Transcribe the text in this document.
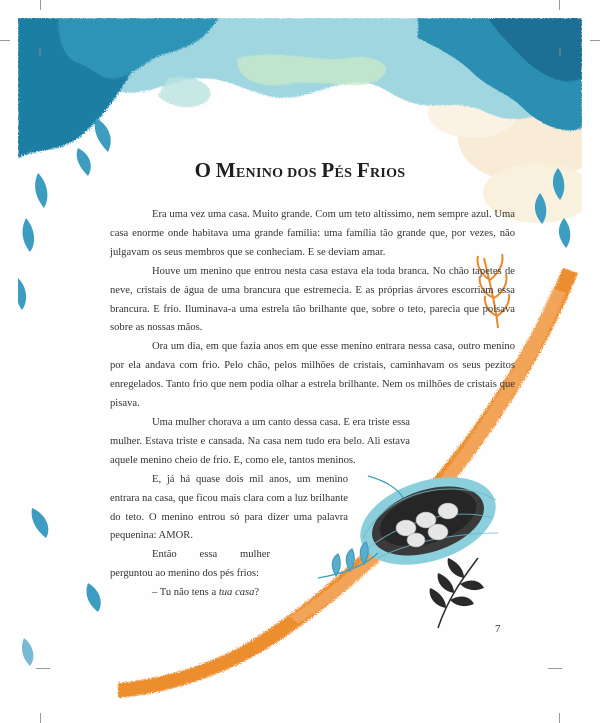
O MENINO DOS PÉS FRIOS

Era uma vez uma casa. Muito grande. Com um teto altíssimo, nem sempre azul. Uma casa enorme onde habitava uma grande família: uma família tão grande que, por vezes, não julgavam os seus membros que se conheciam. E se deviam amar.

Houve um menino que entrou nesta casa estava ela toda branca. No chão tapetes de neve, cristais de água de uma brancura que estremecia. E as próprias árvores escorriam essa brancura. E frio. Iluminava-a uma estrela tão brilhante que, sobre o teto, parecia que poisava sobre as nossas mãos.

Ora um dia, em que fazia anos em que esse menino entrara nessa casa, outro menino por ela andava com frio. Pelo chão, pelos milhões de cristais, caminhavam os seus pezitos enregelados. Tanto frio que nem podia olhar a estrela brilhante. Nem os milhões de cristais que pisava.

Uma mulher chorava a um canto dessa casa. E era triste essa mulher. Estava triste e cansada. Na casa nem tudo era belo. Ali estava aquele menino cheio de frio. E, como ele, tantos meninos.

E, já há quase dois mil anos, um menino entrara na casa, que ficou mais clara com a luz brilhante do teto. O menino entrou só para dizer uma palavra pequenina: AMOR.

Então essa mulher perguntou ao menino dos pés frios:

– Tu não tens a tua casa?

7
